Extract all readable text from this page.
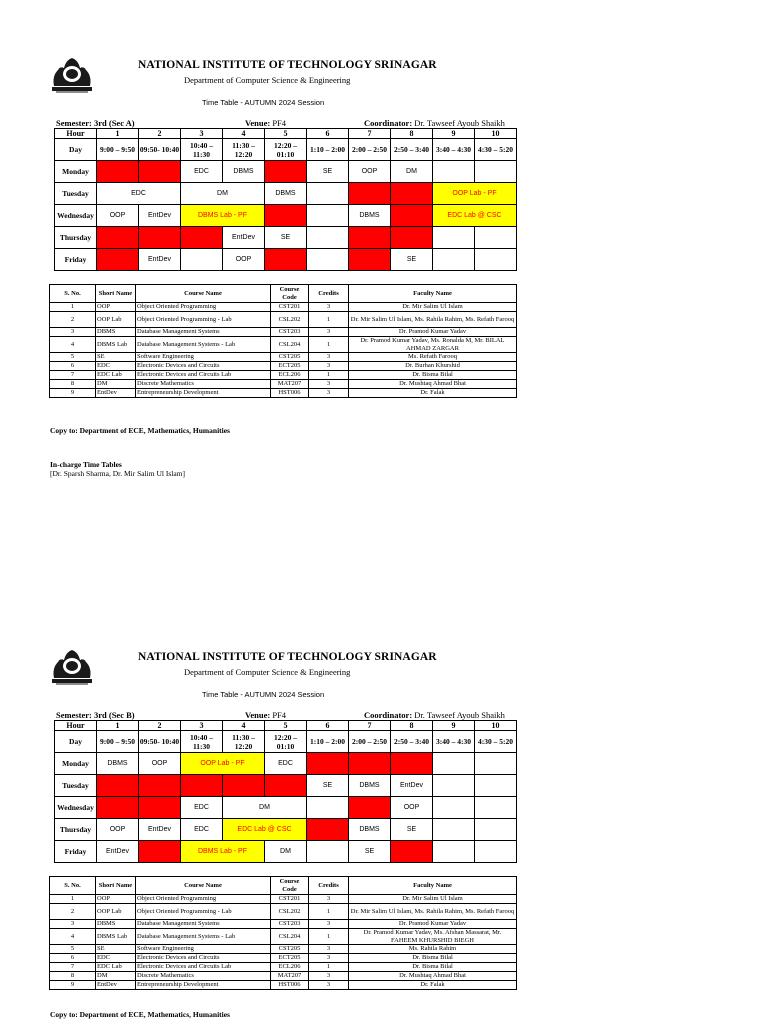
NATIONAL INSTITUTE OF TECHNOLOGY SRINAGAR
Department of Computer Science & Engineering
Time Table - AUTUMN 2024 Session
Semester: 3rd (Sec A)	Venue: PF4	Coordinator: Dr. Tawseef Ayoub Shaikh
Hour	1	2	3	4	5	6	7	8	9	10
Day	9:00 – 9:50	09:50- 10:40	10:40 – 11:30	11:30 – 12:20	12:20 – 01:10	1:10 – 2:00	2:00 – 2:50	2:50 – 3:40	3:40 – 4:30	4:30 – 5:20
Monday			EDC	DBMS		SE	OOP	DM		
Tuesday	EDC		DM		DBMS				OOP Lab - PF	
Wednesday	OOP	EntDev	DBMS Lab - PF				DBMS		EDC Lab @ CSC	
Thursday				EntDev	SE					
Friday		EntDev		OOP				SE		
S. No.	Short Name	Course Name	Course Code	Credits	Faculty Name
1	OOP	Object Oriented Programming	CST201	3	Dr. Mir Salim Ul Islam
2	OOP Lab	Object Oriented Programming - Lab	CSL202	1	Dr. Mir Salim Ul Islam, Ms. Rahila Rahim, Ms. Refath Farooq
3	DBMS	Database Management Systems	CST203	3	Dr. Pramod Kumar Yadav
4	DBMS Lab	Database Management Systems - Lab	CSL204	1	Dr. Pramod Kumar Yadav, Ms. Ronalda M, Mr. BILAL AHMAD ZARGAR
5	SE	Software Engineering	CST205	3	Ms. Refath Farooq
6	EDC	Electronic Devices and Circuits	ECT205	3	Dr. Burhan Khurshid
7	EDC Lab	Electronic Devices and Circuits Lab	ECL206	1	Dr. Bisma Bilal
8	DM	Discrete Mathematics	MAT207	3	Dr. Mushtaq Ahmad Bhat
9	EntDev	Entrepreneurship Development	HST006	3	Dr. Falak
Copy to: Department of ECE, Mathematics, Humanities
In-charge Time Tables
[Dr. Sparsh Sharma, Dr. Mir Salim Ul Islam]
NATIONAL INSTITUTE OF TECHNOLOGY SRINAGAR
Department of Computer Science & Engineering
Time Table - AUTUMN 2024 Session
Semester: 3rd (Sec B)	Venue: PF4	Coordinator: Dr. Tawseef Ayoub Shaikh
Hour	1	2	3	4	5	6	7	8	9	10
Day	9:00 – 9:50	09:50- 10:40	10:40 – 11:30	11:30 – 12:20	12:20 – 01:10	1:10 – 2:00	2:00 – 2:50	2:50 – 3:40	3:40 – 4:30	4:30 – 5:20
Monday	DBMS	OOP	OOP Lab - PF		EDC					
Tuesday						SE	DBMS	EntDev		
Wednesday			EDC	DM				OOP		
Thursday	OOP	EntDev	EDC	EDC Lab @ CSC			DBMS	SE		
Friday	EntDev		DBMS Lab - PF		DM		SE			
S. No.	Short Name	Course Name	Course Code	Credits	Faculty Name
1	OOP	Object Oriented Programming	CST201	3	Dr. Mir Salim Ul Islam
2	OOP Lab	Object Oriented Programming - Lab	CSL202	1	Dr. Mir Salim Ul Islam, Ms. Rahila Rahim, Ms. Refath Farooq
3	DBMS	Database Management Systems	CST203	3	Dr. Pramod Kumar Yadav
4	DBMS Lab	Database Management Systems - Lab	CSL204	1	Dr. Pramod Kumar Yadav, Ms. Afshan Massarat, Mr. FAHEEM KHURSHID BIEGH
5	SE	Software Engineering	CST205	3	Ms. Rahila Rahim
6	EDC	Electronic Devices and Circuits	ECT205	3	Dr. Bisma Bilal
7	EDC Lab	Electronic Devices and Circuits Lab	ECL206	1	Dr. Bisma Bilal
8	DM	Discrete Mathematics	MAT207	3	Dr. Mushtaq Ahmad Bhat
9	EntDev	Entrepreneurship Development	HST006	3	Dr. Falak
Copy to: Department of ECE, Mathematics, Humanities
